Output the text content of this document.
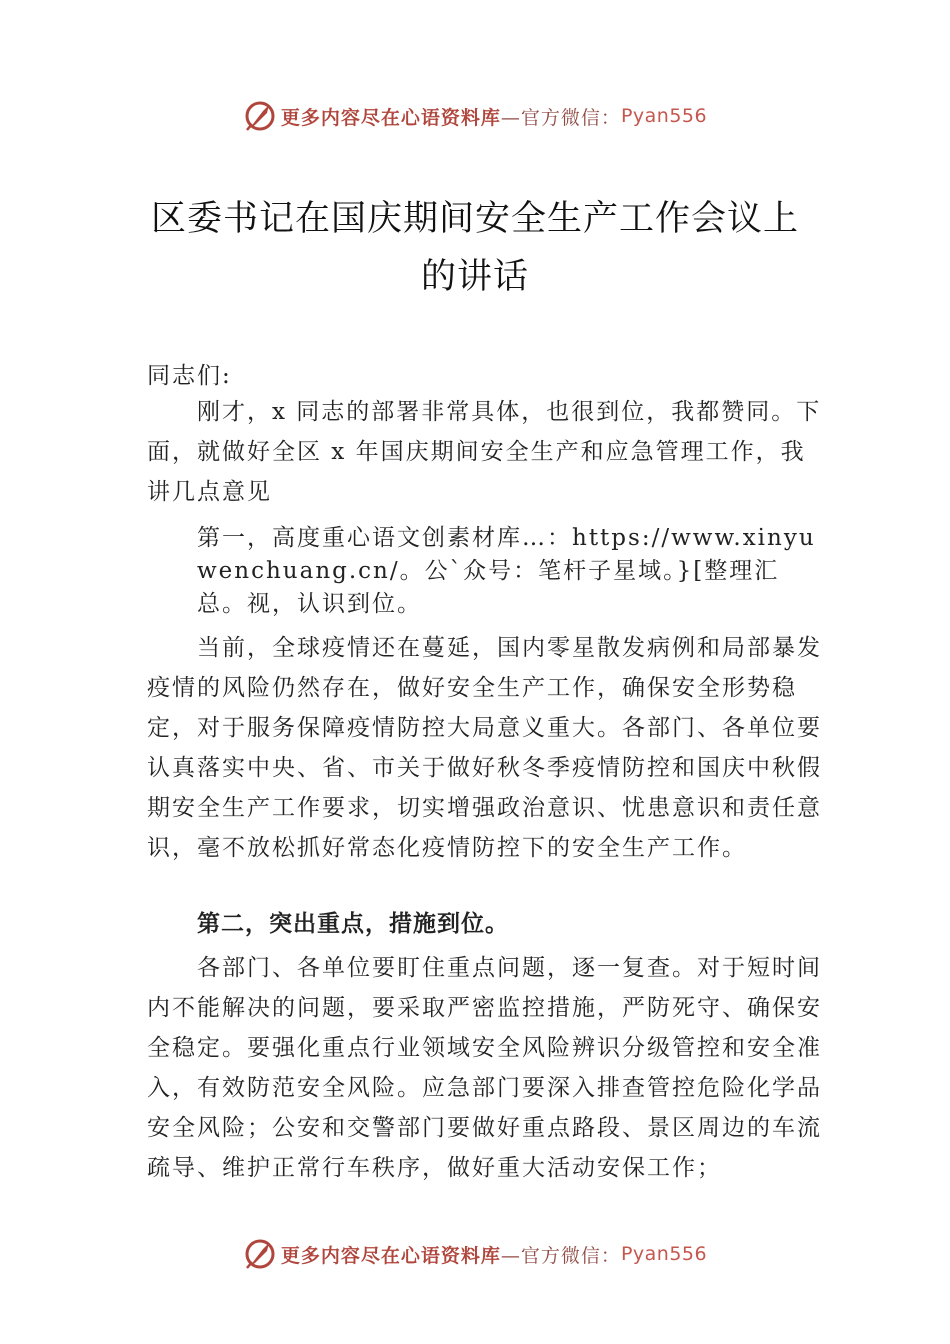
更多内容尽在心语资料库 —官方微信： Pyan556
区委书记在国庆期间安全生产工作会议上
的讲话
同志们:
刚才，x 同志的部署非常具体，也很到位，我都赞同。下面，就做好全区 x 年国庆期间安全生产和应急管理工作，我讲几点意见
第一，高度重心语文创素材库…：https://www.xinyuwenchuang.cn/。公`众号：笔杆子星域。}[整理汇总。视，认识到位。
当前，全球疫情还在蔓延，国内零星散发病例和局部暴发疫情的风险仍然存在，做好安全生产工作，确保安全形势稳定，对于服务保障疫情防控大局意义重大。各部门、各单位要认真落实中央、省、市关于做好秋冬季疫情防控和国庆中秋假期安全生产工作要求，切实增强政治意识、忧患意识和责任意识，毫不放松抓好常态化疫情防控下的安全生产工作。
第二，突出重点，措施到位。
各部门、各单位要盯住重点问题，逐一复查。对于短时间内不能解决的问题，要采取严密监控措施，严防死守、确保安全稳定。要强化重点行业领域安全风险辨识分级管控和安全准入，有效防范安全风险。应急部门要深入排查管控危险化学品安全风险；公安和交警部门要做好重点路段、景区周边的车流疏导、维护正常行车秩序，做好重大活动安保工作；
更多内容尽在心语资料库 —官方微信： Pyan556
